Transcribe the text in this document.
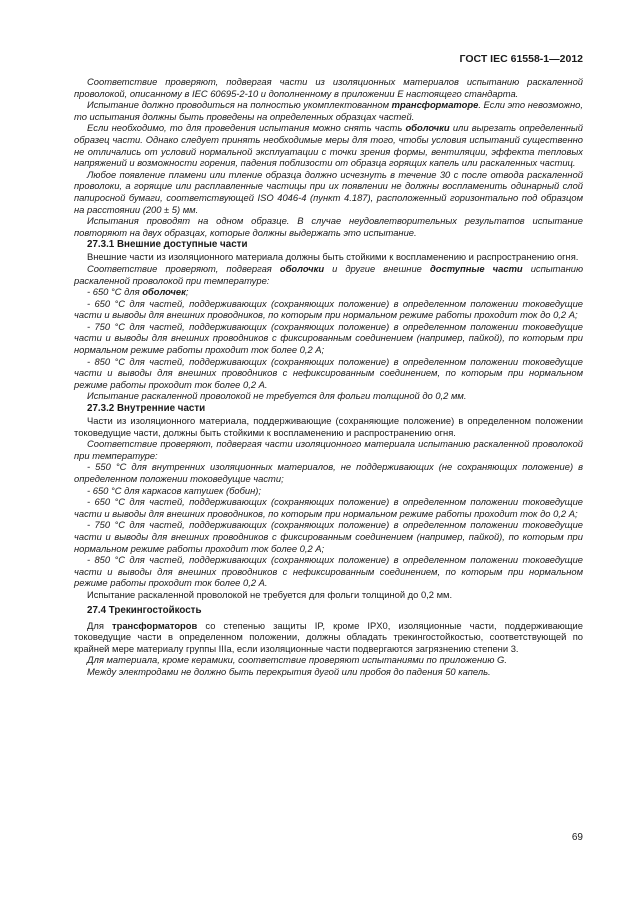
ГОСТ IEC 61558-1—2012

Соответствие проверяют, подвергая части из изоляционных материалов испытанию раскаленной проволокой, описанному в IEC 60695-2-10 и дополненному в приложении E настоящего стандарта.

Испытание должно проводиться на полностью укомплектованном трансформаторе. Если это невозможно, то испытания должны быть проведены на определенных образцах частей.

Если необходимо, то для проведения испытания можно снять часть оболочки или вырезать определенный образец части. Однако следует принять необходимые меры для того, чтобы условия испытаний существенно не отличались от условий нормальной эксплуатации с точки зрения формы, вентиляции, эффекта тепловых напряжений и возможности горения, падения поблизости от образца горящих капель или раскаленных частиц.

Любое появление пламени или тление образца должно исчезнуть в течение 30 с после отвода раскаленной проволоки, а горящие или расплавленные частицы при их появлении не должны воспламенить одинарный слой папиросной бумаги, соответствующей ISO 4046-4 (пункт 4.187), расположенный горизонтально под образцом на расстоянии (200 ± 5) мм.

Испытания проводят на одном образце. В случае неудовлетворительных результатов испытание повторяют на двух образцах, которые должны выдержать это испытание.

27.3.1 Внешние доступные части

Внешние части из изоляционного материала должны быть стойкими к воспламенению и распространению огня.

Соответствие проверяют, подвергая оболочки и другие внешние доступные части испытанию раскаленной проволокой при температуре:

- 650 °С для оболочек;

- 650 °С для частей, поддерживающих (сохраняющих положение) в определенном положении токоведущие части и выводы для внешних проводников, по которым при нормальном режиме работы проходит ток до 0,2 А;

- 750 °С для частей, поддерживающих (сохраняющих положение) в определенном положении токоведущие части и выводы для внешних проводников с фиксированным соединением (например, пайкой), по которым при нормальном режиме работы проходит ток более 0,2 А;

- 850 °С для частей, поддерживающих (сохраняющих положение) в определенном положении токоведущие части и выводы для внешних проводников с нефиксированным соединением, по которым при нормальном режиме работы проходит ток более 0,2 А.

Испытание раскаленной проволокой не требуется для фольги толщиной до 0,2 мм.

27.3.2 Внутренние части

Части из изоляционного материала, поддерживающие (сохраняющие положение) в определенном положении токоведущие части, должны быть стойкими к воспламенению и распространению огня.

Соответствие проверяют, подвергая части изоляционного материала испытанию раскаленной проволокой при температуре:

- 550 °С для внутренних изоляционных материалов, не поддерживающих (не сохраняющих положение) в определенном положении токоведущие части;

- 650 °С для каркасов катушек (бобин);

- 650 °С для частей, поддерживающих (сохраняющих положение) в определенном положении токоведущие части и выводы для внешних проводников, по которым при нормальном режиме работы проходит ток до 0,2 А;

- 750 °С для частей, поддерживающих (сохраняющих положение) в определенном положении токоведущие части и выводы для внешних проводников с фиксированным соединением (например, пайкой), по которым при нормальном режиме работы проходит ток более 0,2 А;

- 850 °С для частей, поддерживающих (сохраняющих положение) в определенном положении токоведущие части и выводы для внешних проводников с нефиксированным соединением, по которым при нормальном режиме работы проходит ток более 0,2 А.

Испытание раскаленной проволокой не требуется для фольги толщиной до 0,2 мм.

27.4 Трекингостойкость

Для трансформаторов со степенью защиты IP, кроме IPX0, изоляционные части, поддерживающие токоведущие части в определенном положении, должны обладать трекингостойкостью, соответствующей по крайней мере материалу группы IIIa, если изоляционные части подвергаются загрязнению степени 3.

Для материала, кроме керамики, соответствие проверяют испытаниями по приложению G.

Между электродами не должно быть перекрытия дугой или пробоя до падения 50 капель.

69
